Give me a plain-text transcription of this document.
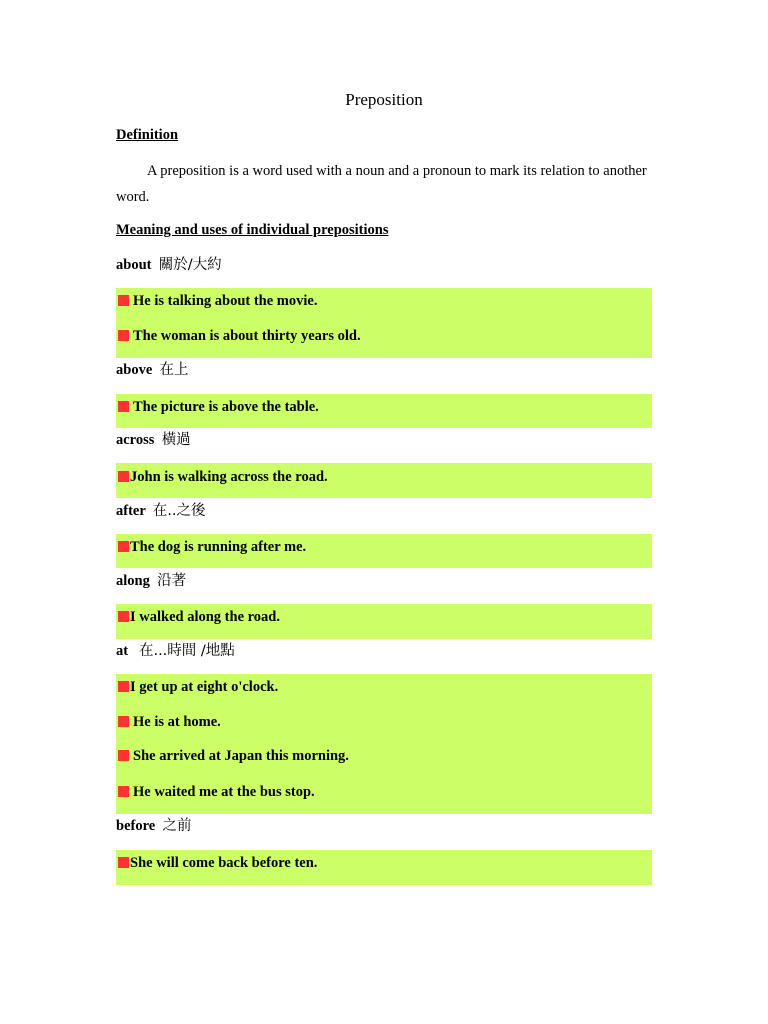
Preposition
Definition
A preposition is a word used with a noun and a pronoun to mark its relation to another word.
Meaning and uses of individual prepositions
about 關於/大約
He is talking about the movie.
The woman is about thirty years old.
above 在上
The picture is above the table.
across 橫過
John is walking across the road.
after 在..之後
The dog is running after me.
along 沿著
I walked along the road.
at 在...時間 /地點
I get up at eight o'clock.
He is at home.
She arrived at Japan this morning.
He waited me at the bus stop.
before 之前
She will come back before ten.
